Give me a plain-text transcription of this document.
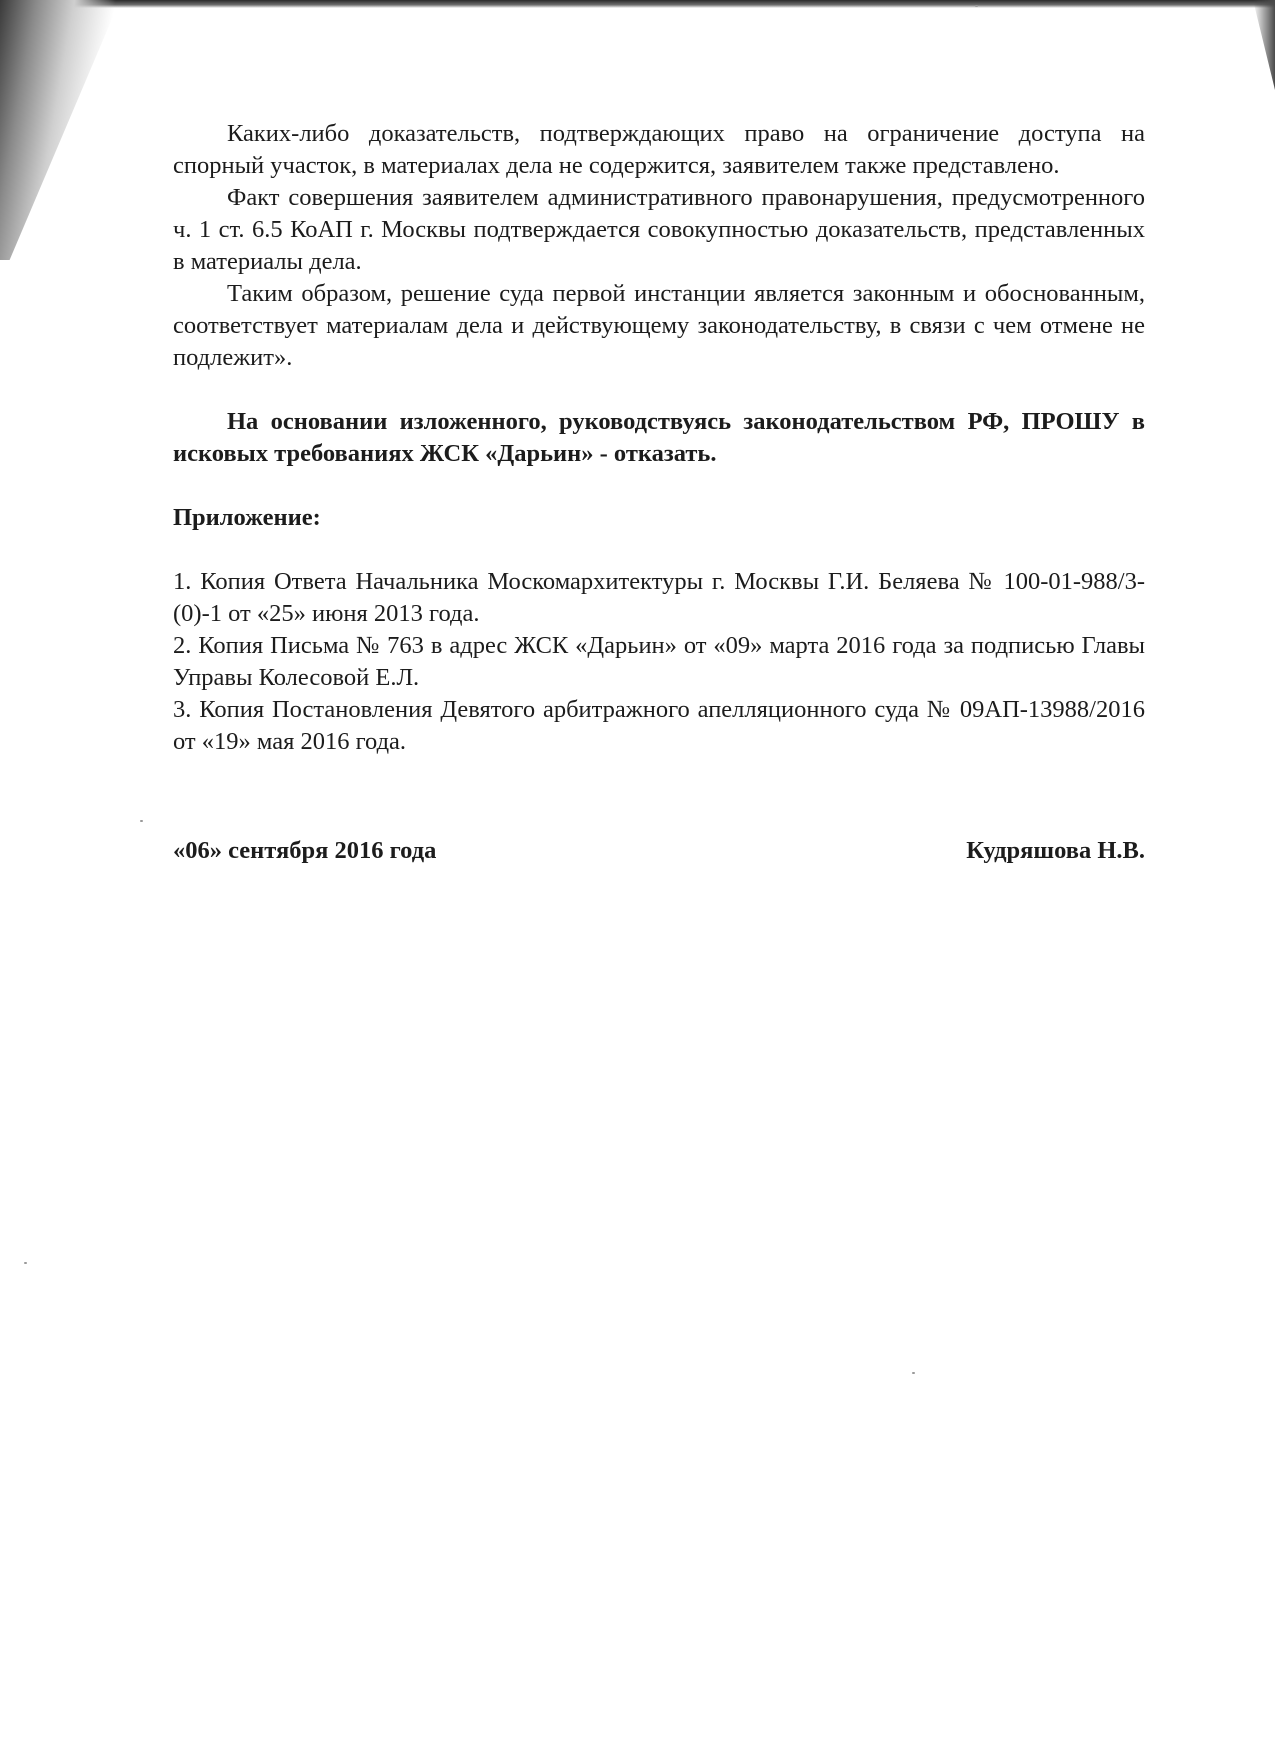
Каких-либо доказательств, подтверждающих право на ограничение доступа на спорный участок, в материалах дела не содержится, заявителем также представлено.

Факт совершения заявителем административного правонарушения, предусмотренного ч. 1 ст. 6.5 КоАП г. Москвы подтверждается совокупностью доказательств, представленных в материалы дела.

Таким образом, решение суда первой инстанции является законным и обоснованным, соответствует материалам дела и действующему законодательству, в связи с чем отмене не подлежит».

На основании изложенного, руководствуясь законодательством РФ, ПРОШУ в исковых требованиях ЖСК «Дарьин» - отказать.

Приложение:

1. Копия Ответа Начальника Москомархитектуры г. Москвы Г.И. Беляева № 100-01-988/3-(0)-1 от «25» июня 2013 года.
2. Копия Письма № 763 в адрес ЖСК «Дарьин» от «09» марта 2016 года за подписью Главы Управы Колесовой Е.Л.
3. Копия Постановления Девятого арбитражного апелляционного суда № 09АП-13988/2016 от «19» мая 2016 года.
«06» сентября 2016 года	Кудряшова Н.В.
